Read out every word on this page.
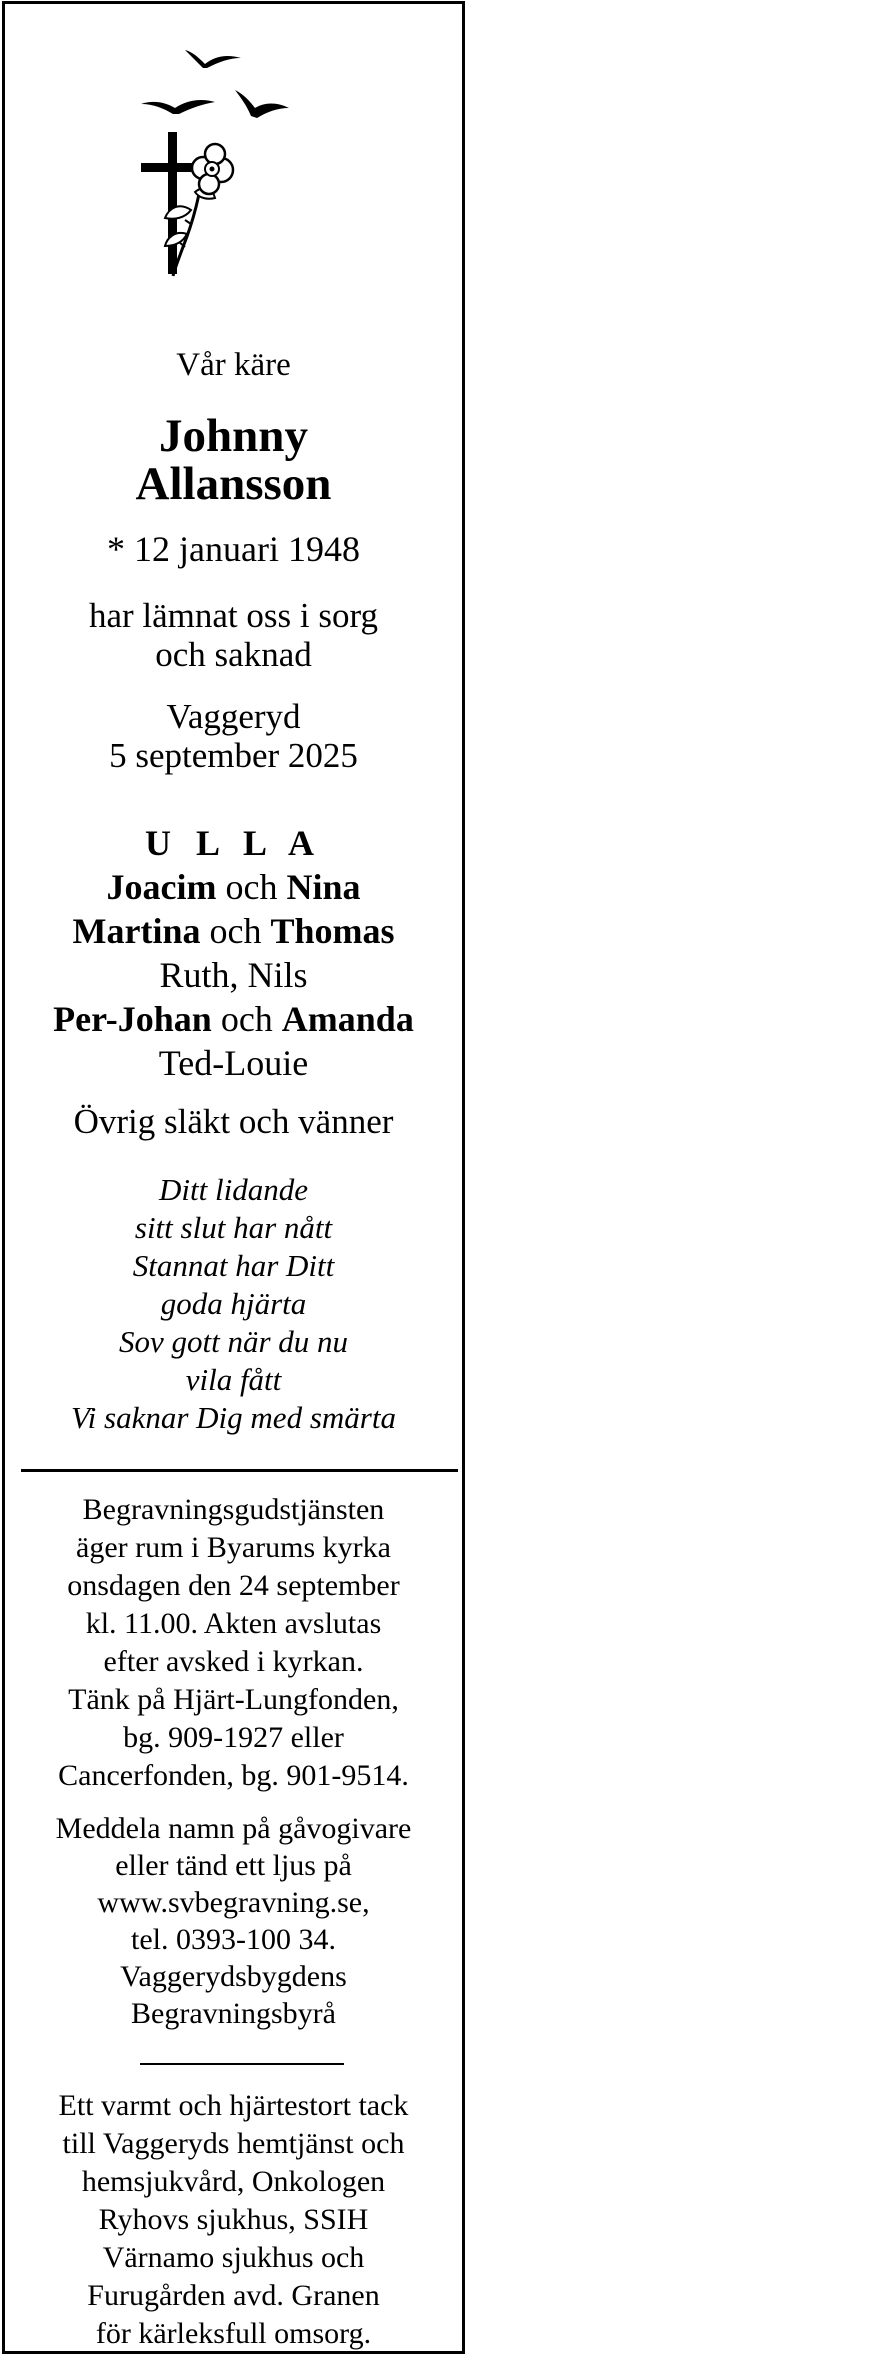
Vår käre
Johnny
Allansson
* 12 januari 1948
har lämnat oss i sorg
och saknad
Vaggeryd
5 september 2025
U L L A
Joacim och Nina
Martina och Thomas
Ruth, Nils
Per-Johan och Amanda
Ted-Louie
Övrig släkt och vänner
Ditt lidande
sitt slut har nått
Stannat har Ditt
goda hjärta
Sov gott när du nu
vila fått
Vi saknar Dig med smärta
Begravningsgudstjänsten
äger rum i Byarums kyrka
onsdagen den 24 september
kl. 11.00. Akten avslutas
efter avsked i kyrkan.
Tänk på Hjärt-Lungfonden,
bg. 909-1927 eller
Cancerfonden, bg. 901-9514.
Meddela namn på gåvogivare
eller tänd ett ljus på
www.svbegravning.se,
tel. 0393-100 34.
Vaggerydsbygdens
Begravningsbyrå
Ett varmt och hjärtestort tack
till Vaggeryds hemtjänst och
hemsjukvård, Onkologen
Ryhovs sjukhus, SSIH
Värnamo sjukhus och
Furugården avd. Granen
för kärleksfull omsorg.
